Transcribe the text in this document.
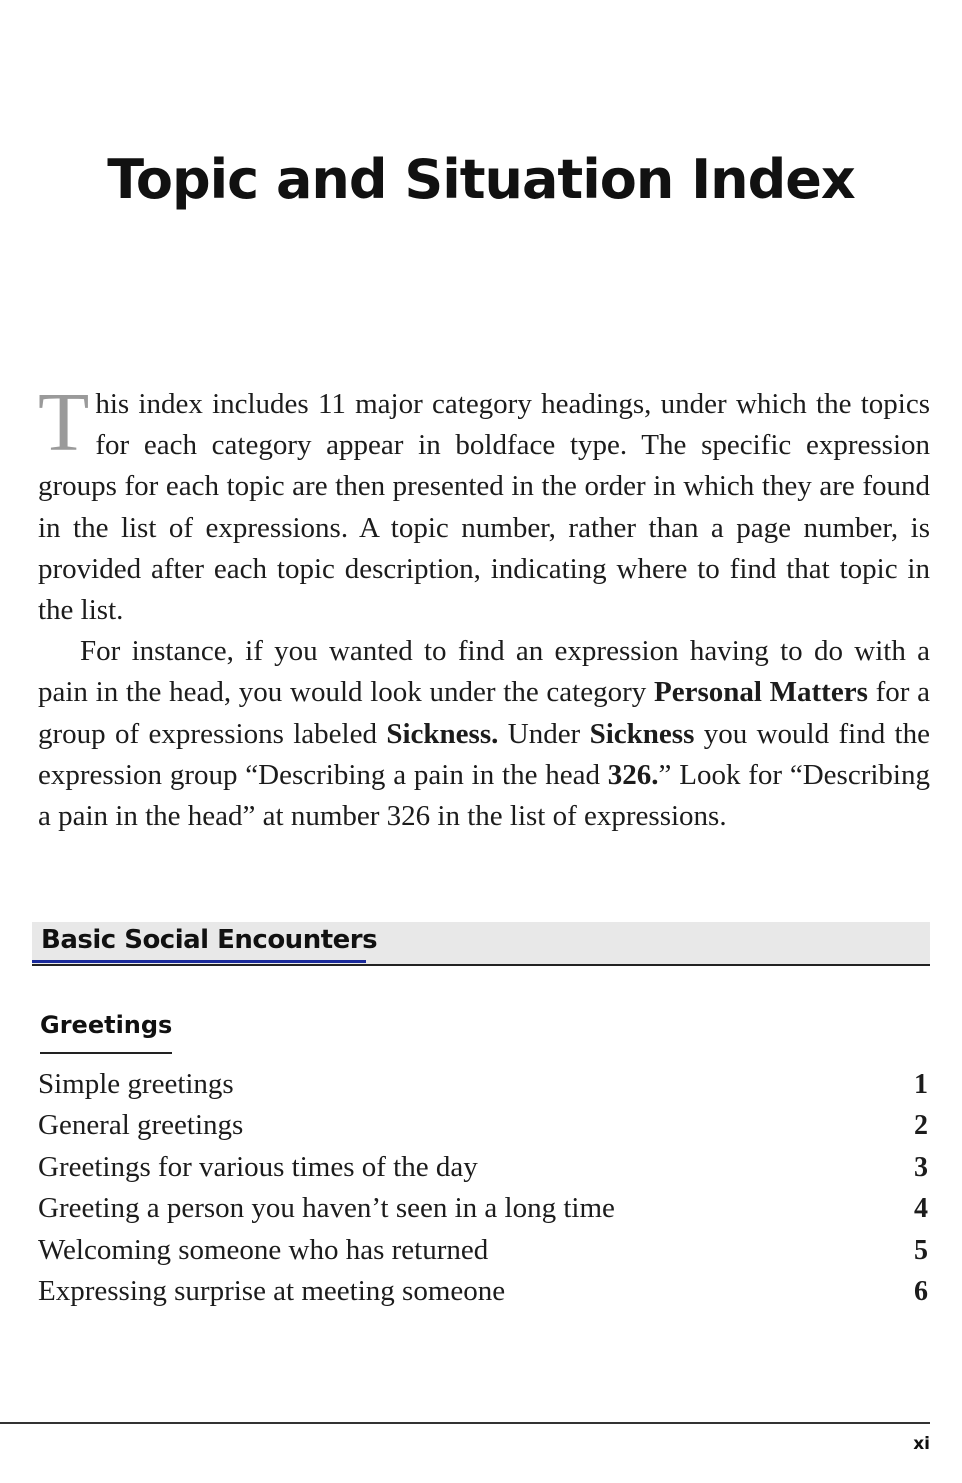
Topic and Situation Index

This index includes 11 major category headings, under which the topics for each category appear in boldface type. The specific expression groups for each topic are then presented in the order in which they are found in the list of expressions. A topic number, rather than a page number, is provided after each topic description, indicating where to find that topic in the list.

For instance, if you wanted to find an expression having to do with a pain in the head, you would look under the category Personal Matters for a group of expressions labeled Sickness. Under Sickness you would find the expression group “Describing a pain in the head 326.” Look for “Describing a pain in the head” at number 326 in the list of expressions.

Basic Social Encounters
Greetings
Simple greetings	1
General greetings	2
Greetings for various times of the day	3
Greeting a person you haven’t seen in a long time	4
Welcoming someone who has returned	5
Expressing surprise at meeting someone	6
xi
